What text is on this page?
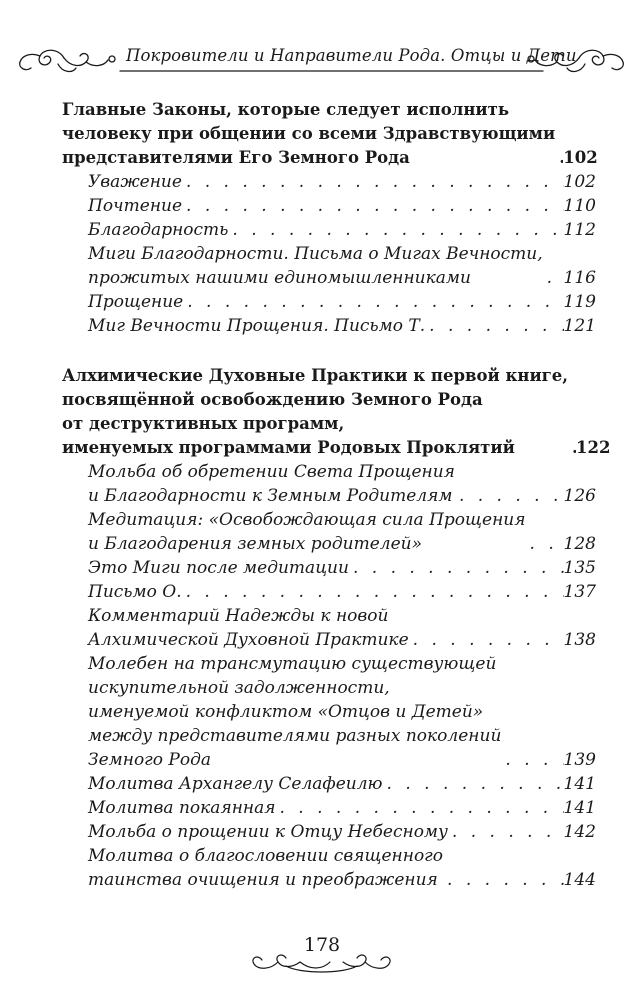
Покровители и Направители Рода. Отцы и Дети
Главные Законы, которые следует исполнить
человеку при общении со всеми Здравствующими
представителями Его Земного Рода . . .	102
Уважение . . .	102
Почтение . . .	110
Благодарность . . .	112
Миги Благодарности. Письма о Мигах Вечности,
прожитых нашими единомышленниками . . .	116
Прощение . . .	119
Миг Вечности Прощения. Письмо Т. . . .	121
Алхимические Духовные Практики к первой книге,
посвящённой освобождению Земного Рода
от деструктивных программ,
именуемых программами Родовых Проклятий . . .	122
Мольба об обретении Света Прощения
и Благодарности к Земным Родителям . . .	126
Медитация: «Освобождающая сила Прощения
и Благодарения земных родителей» . . .	128
Это Миги после медитации . . .	135
Письмо О. . . .	137
Комментарий Надежды к новой
Алхимической Духовной Практике . . .	138
Молебен на трансмутацию существующей
искупительной задолженности,
именуемой конфликтом «Отцов и Детей»
между представителями разных поколений
Земного Рода . . .	139
Молитва Архангелу Селафеилю . . .	141
Молитва покаянная . . .	141
Мольба о прощении к Отцу Небесному . . .	142
Молитва о благословении священного
таинства очищения и преображения . . .	144
178
